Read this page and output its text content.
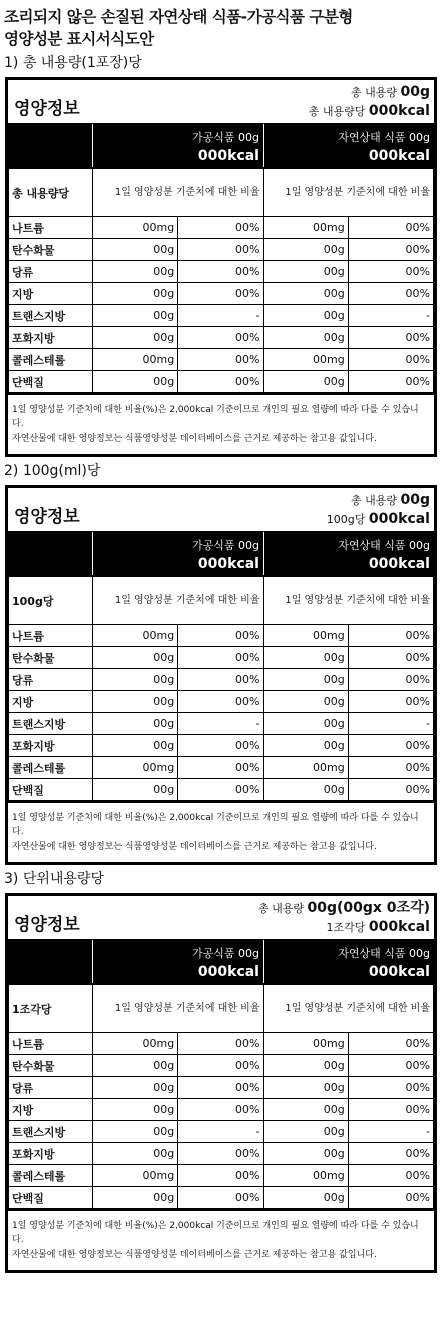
조리되지 않은 손질된 자연상태 식품-가공식품 구분형
영양성분 표시서식도안
1) 총 내용량(1포장)당
영양정보
총 내용량 00g
총 내용량당 000kcal
가공식품 00g
000kcal
자연상태 식품 00g
000kcal
총 내용량당	1일 영양성분 기준치에 대한 비율		1일 영양성분 기준치에 대한 비율	
나트륨	00mg	00%	00mg	00%
탄수화물	00g	00%	00g	00%
당류	00g	00%	00g	00%
지방	00g	00%	00g	00%
트랜스지방	00g	-	00g	-
포화지방	00g	00%	00g	00%
콜레스테롤	00mg	00%	00mg	00%
단백질	00g	00%	00g	00%

1일 영양성분 기준치에 대한 비율(%)은 2,000kcal 기준이므로 개인의 필요 열량에 따라 다를 수 있습니다.

자연산물에 대한 영양정보는 식품영양성분 데이터베이스를 근거로 제공하는 참고용 값입니다.

2) 100g(ml)당
영양정보
총 내용량 00g
100g당 000kcal
가공식품 00g
000kcal
자연상태 식품 00g
000kcal
100g당	1일 영양성분 기준치에 대한 비율		1일 영양성분 기준치에 대한 비율	
나트륨	00mg	00%	00mg	00%
탄수화물	00g	00%	00g	00%
당류	00g	00%	00g	00%
지방	00g	00%	00g	00%
트랜스지방	00g	-	00g	-
포화지방	00g	00%	00g	00%
콜레스테롤	00mg	00%	00mg	00%
단백질	00g	00%	00g	00%

1일 영양성분 기준치에 대한 비율(%)은 2,000kcal 기준이므로 개인의 필요 열량에 따라 다를 수 있습니다.

자연산물에 대한 영양정보는 식품영양성분 데이터베이스를 근거로 제공하는 참고용 값입니다.

3) 단위내용량당
영양정보
총 내용량 00g(00gx 0조각)
1조각당 000kcal
가공식품 00g
000kcal
자연상태 식품 00g
000kcal
1조각당	1일 영양성분 기준치에 대한 비율		1일 영양성분 기준치에 대한 비율	
나트륨	00mg	00%	00mg	00%
탄수화물	00g	00%	00g	00%
당류	00g	00%	00g	00%
지방	00g	00%	00g	00%
트랜스지방	00g	-	00g	-
포화지방	00g	00%	00g	00%
콜레스테롤	00mg	00%	00mg	00%
단백질	00g	00%	00g	00%

1일 영양성분 기준치에 대한 비율(%)은 2,000kcal 기준이므로 개인의 필요 열량에 따라 다를 수 있습니다.

자연산물에 대한 영양정보는 식품영양성분 데이터베이스를 근거로 제공하는 참고용 값입니다.
